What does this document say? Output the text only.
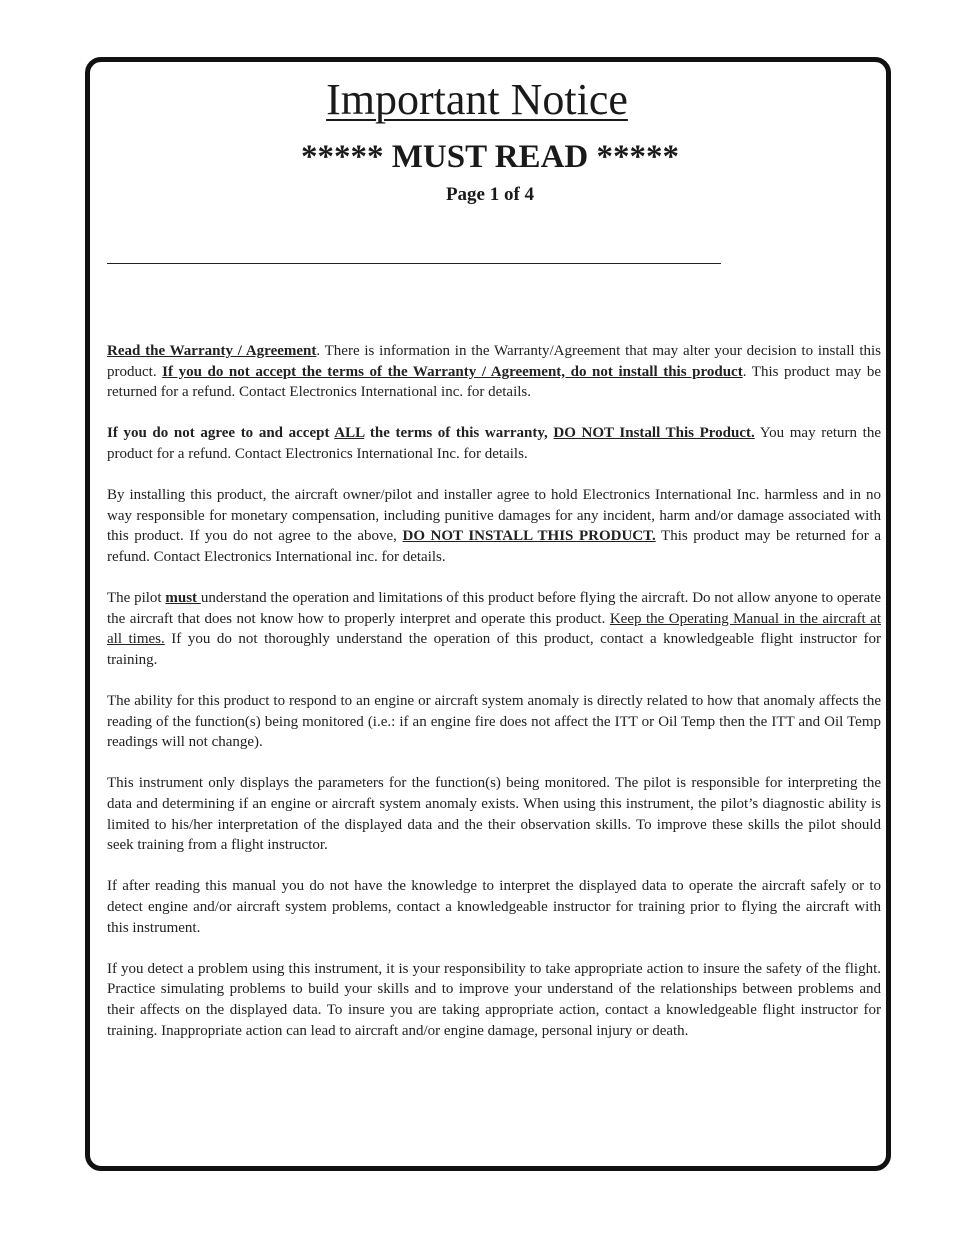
Important Notice
***** MUST READ *****
Page 1 of 4

Read the Warranty / Agreement. There is information in the Warranty/Agreement that may alter your decision to install this product. If you do not accept the terms of the Warranty / Agreement, do not install this product. This product may be returned for a refund. Contact Electronics International inc. for details.

If you do not agree to and accept ALL the terms of this warranty, DO NOT Install This Product. You may return the product for a refund. Contact Electronics International Inc. for details.

By installing this product, the aircraft owner/pilot and installer agree to hold Electronics International Inc. harmless and in no way responsible for monetary compensation, including punitive damages for any incident, harm and/or damage associated with this product. If you do not agree to the above, DO NOT INSTALL THIS PRODUCT. This product may be returned for a refund. Contact Electronics International inc. for details.

The pilot must understand the operation and limitations of this product before flying the aircraft. Do not allow anyone to operate the aircraft that does not know how to properly interpret and operate this product. Keep the Operating Manual in the aircraft at all times. If you do not thoroughly understand the operation of this product, contact a knowledgeable flight instructor for training.

The ability for this product to respond to an engine or aircraft system anomaly is directly related to how that anomaly affects the reading of the function(s) being monitored (i.e.: if an engine fire does not affect the ITT or Oil Temp then the ITT and Oil Temp readings will not change).

This instrument only displays the parameters for the function(s) being monitored. The pilot is responsible for interpreting the data and determining if an engine or aircraft system anomaly exists. When using this instrument, the pilot’s diagnostic ability is limited to his/her interpretation of the displayed data and the their observation skills. To improve these skills the pilot should seek training from a flight instructor.

If after reading this manual you do not have the knowledge to interpret the displayed data to operate the aircraft safely or to detect engine and/or aircraft system problems, contact a knowledgeable instructor for training prior to flying the aircraft with this instrument.

If you detect a problem using this instrument, it is your responsibility to take appropriate action to insure the safety of the flight. Practice simulating problems to build your skills and to improve your understand of the relationships between problems and their affects on the displayed data. To insure you are taking appropriate action, contact a knowledgeable flight instructor for training. Inappropriate action can lead to aircraft and/or engine damage, personal injury or death.
